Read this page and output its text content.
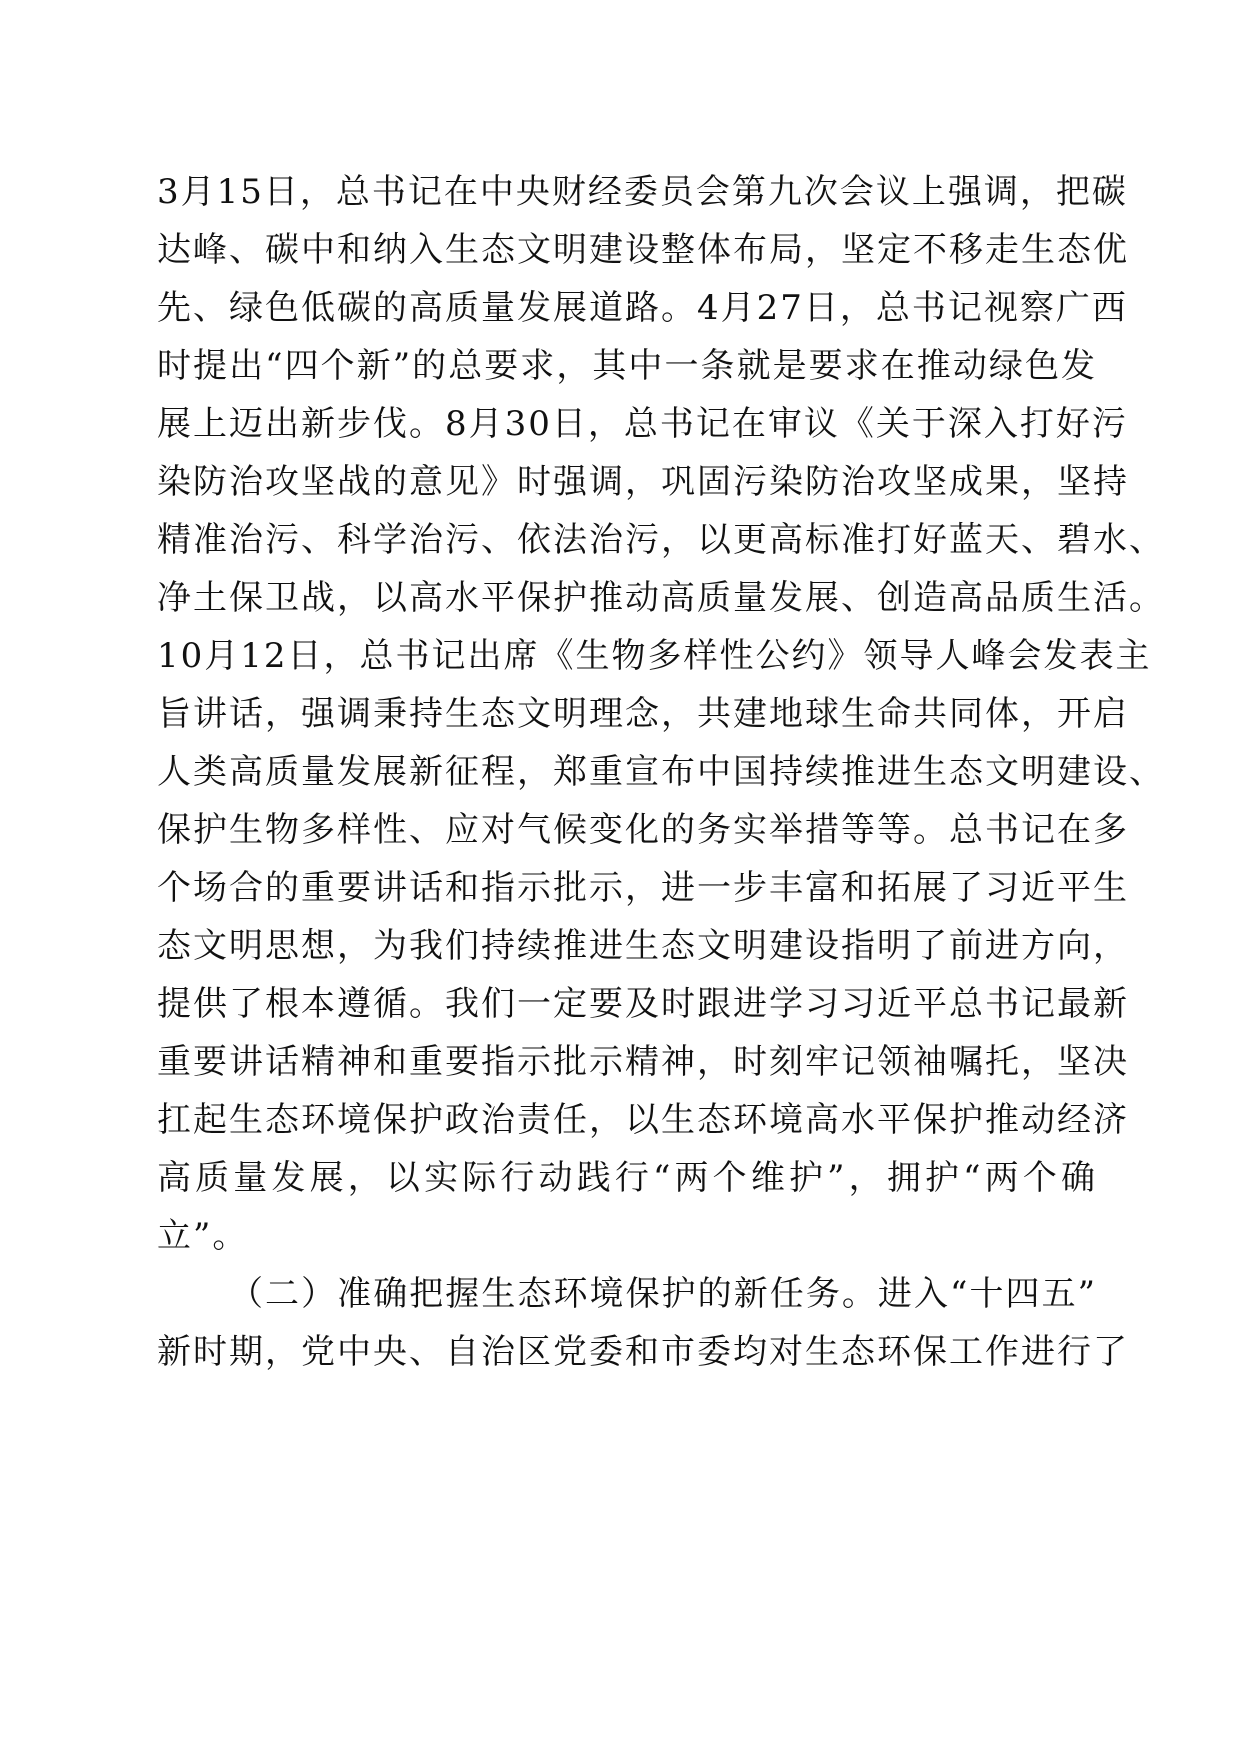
3月15日，总书记在中央财经委员会第九次会议上强调，把碳
达峰、碳中和纳入生态文明建设整体布局，坚定不移走生态优
先、绿色低碳的高质量发展道路。4月27日，总书记视察广西
时提出“四个新”的总要求，其中一条就是要求在推动绿色发
展上迈出新步伐。8月30日，总书记在审议《关于深入打好污
染防治攻坚战的意见》时强调，巩固污染防治攻坚成果，坚持
精准治污、科学治污、依法治污，以更高标准打好蓝天、碧水、
净土保卫战，以高水平保护推动高质量发展、创造高品质生活。
10月12日，总书记出席《生物多样性公约》领导人峰会发表主
旨讲话，强调秉持生态文明理念，共建地球生命共同体，开启
人类高质量发展新征程，郑重宣布中国持续推进生态文明建设、
保护生物多样性、应对气候变化的务实举措等等。总书记在多
个场合的重要讲话和指示批示，进一步丰富和拓展了习近平生
态文明思想，为我们持续推进生态文明建设指明了前进方向，
提供了根本遵循。我们一定要及时跟进学习习近平总书记最新
重要讲话精神和重要指示批示精神，时刻牢记领袖嘱托，坚决
扛起生态环境保护政治责任，以生态环境高水平保护推动经济
高质量发展，以实际行动践行“两个维护”，拥护“两个确
立”。
（二）准确把握生态环境保护的新任务。进入“十四五”
新时期，党中央、自治区党委和市委均对生态环保工作进行了
